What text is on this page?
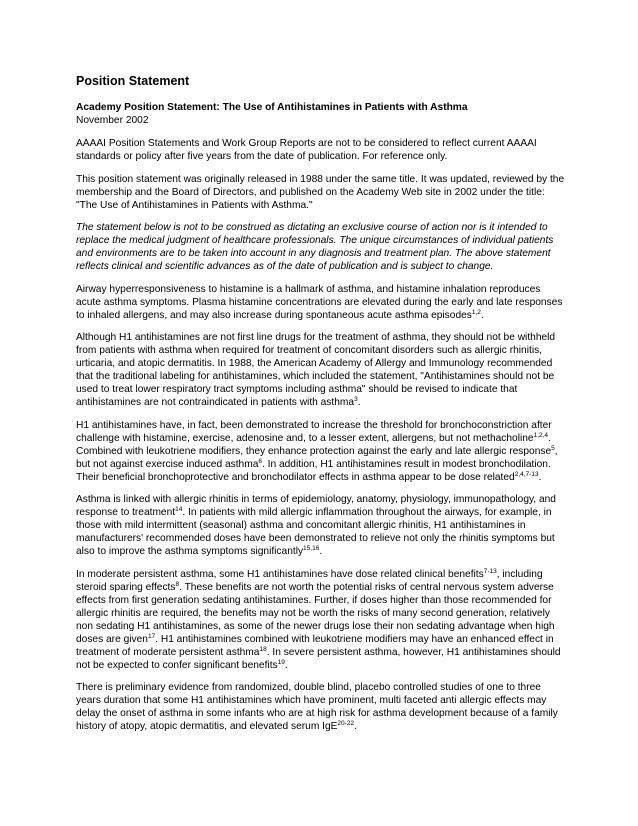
Position Statement
Academy Position Statement: The Use of Antihistamines in Patients with Asthma
November 2002

AAAAI Position Statements and Work Group Reports are not to be considered to reflect current AAAAI standards or policy after five years from the date of publication. For reference only.

This position statement was originally released in 1988 under the same title. It was updated, reviewed by the membership and the Board of Directors, and published on the Academy Web site in 2002 under the title: "The Use of Antihistamines in Patients with Asthma."

The statement below is not to be construed as dictating an exclusive course of action nor is it intended to replace the medical judgment of healthcare professionals. The unique circumstances of individual patients and environments are to be taken into account in any diagnosis and treatment plan. The above statement reflects clinical and scientific advances as of the date of publication and is subject to change.

Airway hyperresponsiveness to histamine is a hallmark of asthma, and histamine inhalation reproduces acute asthma symptoms. Plasma histamine concentrations are elevated during the early and late responses to inhaled allergens, and may also increase during spontaneous acute asthma episodes$^{1,2}$.

Although H1 antihistamines are not first line drugs for the treatment of asthma, they should not be withheld from patients with asthma when required for treatment of concomitant disorders such as allergic rhinitis, urticaria, and atopic dermatitis. In 1988, the American Academy of Allergy and Immunology recommended that the traditional labeling for antihistamines, which included the statement, "Antihistamines should not be used to treat lower respiratory tract symptoms including asthma" should be revised to indicate that antihistamines are not contraindicated in patients with asthma$^3$.

H1 antihistamines have, in fact, been demonstrated to increase the threshold for bronchoconstriction after challenge with histamine, exercise, adenosine and, to a lesser extent, allergens, but not methacholine$^{1,2,4}$. Combined with leukotriene modifiers, they enhance protection against the early and late allergic response$^5$, but not against exercise induced asthma$^6$. In addition, H1 antihistamines result in modest bronchodilation. Their beneficial bronchoprotective and bronchodilator effects in asthma appear to be dose related$^{2,4,7-13}$.

Asthma is linked with allergic rhinitis in terms of epidemiology, anatomy, physiology, immunopathology, and response to treatment$^{14}$. In patients with mild allergic inflammation throughout the airways, for example, in those with mild intermittent (seasonal) asthma and concomitant allergic rhinitis, H1 antihistamines in manufacturers' recommended doses have been demonstrated to relieve not only the rhinitis symptoms but also to improve the asthma symptoms significantly$^{15,16}$.

In moderate persistent asthma, some H1 antihistamines have dose related clinical benefits$^{7-13}$, including steroid sparing effects$^8$. These benefits are not worth the potential risks of central nervous system adverse effects from first generation sedating antihistamines. Further, if doses higher than those recommended for allergic rhinitis are required, the benefits may not be worth the risks of many second generation, relatively non sedating H1 antihistamines, as some of the newer drugs lose their non sedating advantage when high doses are given$^{17}$. H1 antihistamines combined with leukotriene modifiers may have an enhanced effect in treatment of moderate persistent asthma$^{18}$. In severe persistent asthma, however, H1 antihistamines should not be expected to confer significant benefits$^{19}$.

There is preliminary evidence from randomized, double blind, placebo controlled studies of one to three years duration that some H1 antihistamines which have prominent, multi faceted anti allergic effects may delay the onset of asthma in some infants who are at high risk for asthma development because of a family history of atopy, atopic dermatitis, and elevated serum IgE$^{20-22}$.
